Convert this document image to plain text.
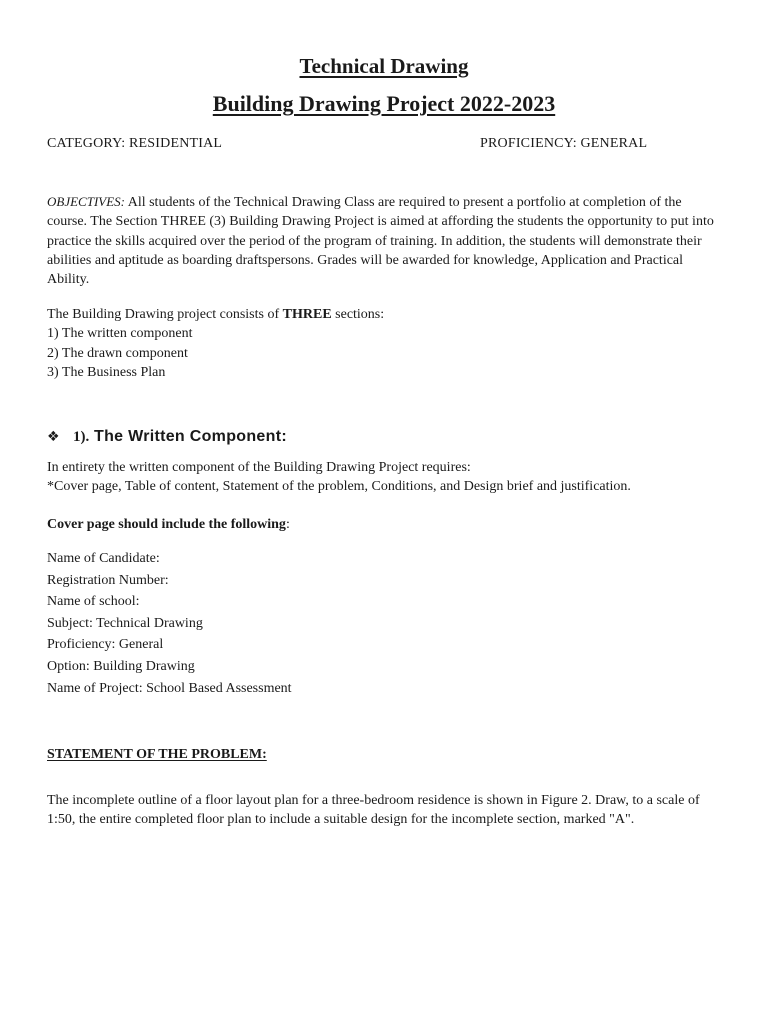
Technical Drawing
Building Drawing Project 2022-2023
CATEGORY: RESIDENTIAL	PROFICIENCY: GENERAL

OBJECTIVES: All students of the Technical Drawing Class are required to present a portfolio at completion of the course. The Section THREE (3) Building Drawing Project is aimed at affording the students the opportunity to put into practice the skills acquired over the period of the program of training. In addition, the students will demonstrate their abilities and aptitude as boarding draftspersons. Grades will be awarded for knowledge, Application and Practical Ability.

The Building Drawing project consists of THREE sections:

1) The written component
2) The drawn component
3) The Business Plan
❖ 1). The Written Component:
In entirety the written component of the Building Drawing Project requires:
*Cover page, Table of content, Statement of the problem, Conditions, and Design brief and justification.
Cover page should include the following:
Name of Candidate:
Registration Number:
Name of school:
Subject: Technical Drawing
Proficiency: General
Option: Building Drawing
Name of Project: School Based Assessment
STATEMENT OF THE PROBLEM:

The incomplete outline of a floor layout plan for a three-bedroom residence is shown in Figure 2. Draw, to a scale of 1:50, the entire completed floor plan to include a suitable design for the incomplete section, marked "A".
